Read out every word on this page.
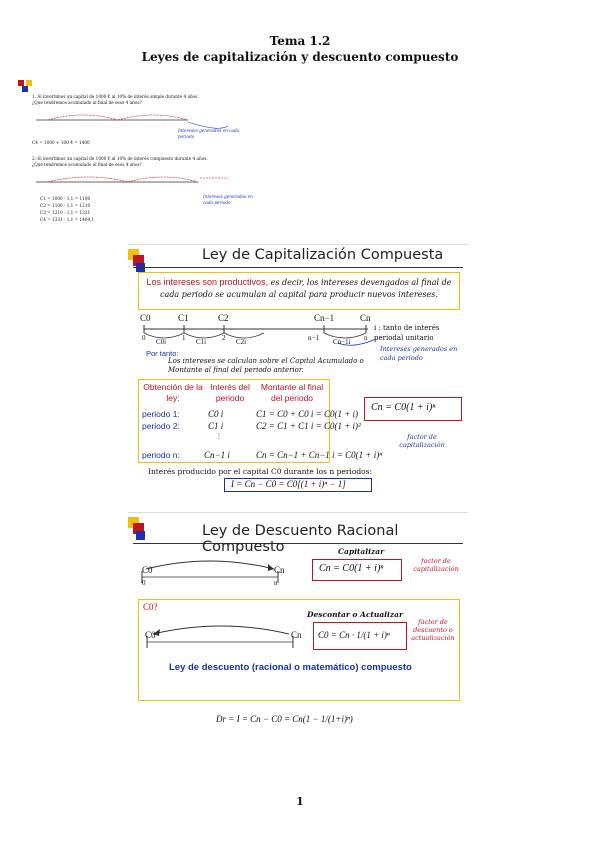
Tema 1.2
Leyes de capitalización y descuento compuesto
1. Si invertimos un capital de 1000 € al 10% de interés simple durante 4 años.
¿Qué tendremos acumulado al final de esos 4 años?
Intereses generados en cada periodo
C4 = 1000 + 100·4 = 1400
2. Si invertimos un capital de 1000 € al 10% de interés compuesto durante 4 años.
¿Qué tendremos acumulado al final de esos 4 años?
C1 = 1000 · 1,1 = 1100
C2 = 1100 · 1,1 = 1210
C3 = 1210 · 1,1 = 1331
C4 = 1331 · 1,1 = 1464,1
Intereses generados en cada periodo
Ley de Capitalización Compuesta
Los intereses son productivos, es decir, los intereses devengados al final de cada periodo se acumulan al capital para producir nuevos intereses.
C0	C1	C2	Cn−1	Cn
0	1	2	n−1	n
C0i	C1i	C2i	Cn−1i
i : tanto de interés periodal unitario
Intereses generados en cada periodo
Por tanto:
Los intereses se calculan sobre el Capital Acumulado o Montante al final del periodo anterior.
Obtención de la ley:
Interés del periodo
Montante al final del periodo
periodo 1:	C0 i	C1 = C0 + C0 i = C0(1 + i)
periodo 2:	C1 i	C2 = C1 + C1 i = C0(1 + i)²
⋮
periodo n:	Cn−1 i	Cn = Cn−1 + Cn−1 i = C0(1 + i)ⁿ
Cn = C0(1 + i)ⁿ
factor de capitalización
Interés producido por el capital C0 durante los n periodos:
I = Cn − C0 = C0[(1 + i)ⁿ − 1]
Ley de Descuento Racional Compuesto
C0	Cn
0	n
Capitalizar
Cn = C0(1 + i)ⁿ
factor de capitalización
C0?
C0	Cn
Descontar o Actualizar
C0 = Cn · 1/(1 + i)ⁿ
factor de descuento o actualización
Ley de descuento (racional o matemático) compuesto
Dr = I = Cn − C0 = Cn(1 − 1/(1+i)ⁿ)
1
